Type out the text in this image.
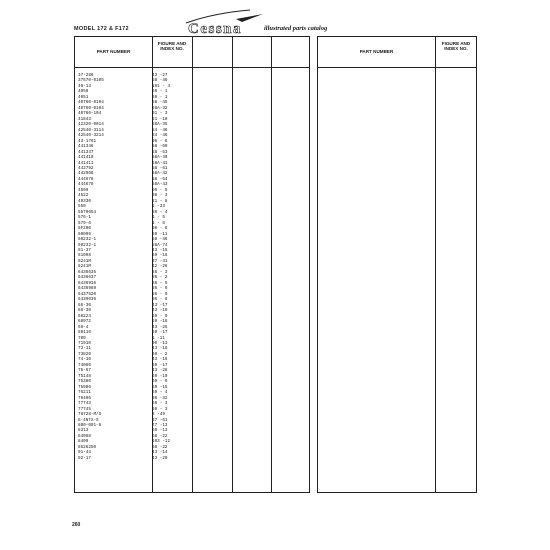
MODEL 172 & F172	Cessna	illustrated parts catalog
PART NUMBER
FIGURE AND INDEX NO.
37-286	43 -27
37570-0105	58 -46
40-14	101 - 4
4050	69 - 1
4051	69 - 1
40760-0104	58 -45
40760-0104	58A-32
40760-104	91 - 3
41843	21 -10
42320-0014	58A-35
42540-3114	84 -46
42540-3214	84 -46
43-1761	96 - 8
441346	58 -60
441347	58 -53
441410	58A-40
441411	58A-41
442792	58 -61
442908	58A-42
444678	58 -54
444678	58A-43
4509	99 - 5
4522	98 - 3
49330	21 - 8
550	1 -33
5579654	86 - 4
576-1	1 - 5
579-6	1 - 6
6F200	96 - 8
60096	69 -11
60232-1	58 -46
60232-1	58A-74
61-37	43 -15
61098	69 -16
6241M	37 -41
6241M	42 -26
6436635	86 - 3
6436637	86 - 2
6436916	86 - 5
6436989	86 - 6
6437520	86 - 9
6439036	86 - 8
66-30	43 -17
66-30	43 -19
66224	69 - 9
68972	69 -16
69-4	43 -26
69116	69 -17
700	1 -11
71910	90 -13
73-11	43 -18
73820	69 - 2
74-10	43 -16
74060	69 -17
75-67	43 -28
75148	69 -10
75380	69 - 6
75906	69 -15
76211	69 - 4
76406	96 -32
77743	69 - 3
77745	69 - 3
78728-M/S	8 -49
8-4NTX-S	87 -61
800-001-6	77 -13
8313	69 -13
84068	68 -22
8409	103 -12
8526250	68 -22
91-44	43 -14
92-17	43 -20
PART NUMBER
FIGURE AND INDEX NO.
260
